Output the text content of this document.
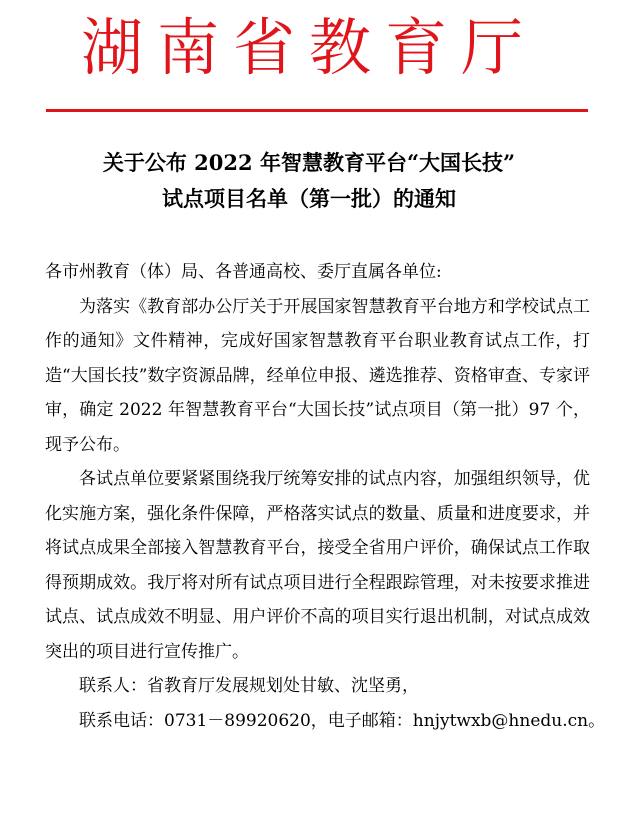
湖南省教育厅
关于公布 2022 年智慧教育平台“大国长技”
试点项目名单（第一批）的通知

各市州教育（体）局、各普通高校、委厅直属各单位:

为落实《教育部办公厅关于开展国家智慧教育平台地方和学校试点工作的通知》文件精神，完成好国家智慧教育平台职业教育试点工作，打造“大国长技”数字资源品牌，经单位申报、遴选推荐、资格审查、专家评审，确定 2022 年智慧教育平台“大国长技”试点项目（第一批）97 个，现予公布。

各试点单位要紧紧围绕我厅统筹安排的试点内容，加强组织领导，优化实施方案，强化条件保障，严格落实试点的数量、质量和进度要求，并将试点成果全部接入智慧教育平台，接受全省用户评价，确保试点工作取得预期成效。我厅将对所有试点项目进行全程跟踪管理，对未按要求推进试点、试点成效不明显、用户评价不高的项目实行退出机制，对试点成效突出的项目进行宣传推广。

联系人：省教育厅发展规划处甘敏、沈坚勇，

联系电话：0731－89920620，电子邮箱：hnjytwxb@hnedu.cn。
